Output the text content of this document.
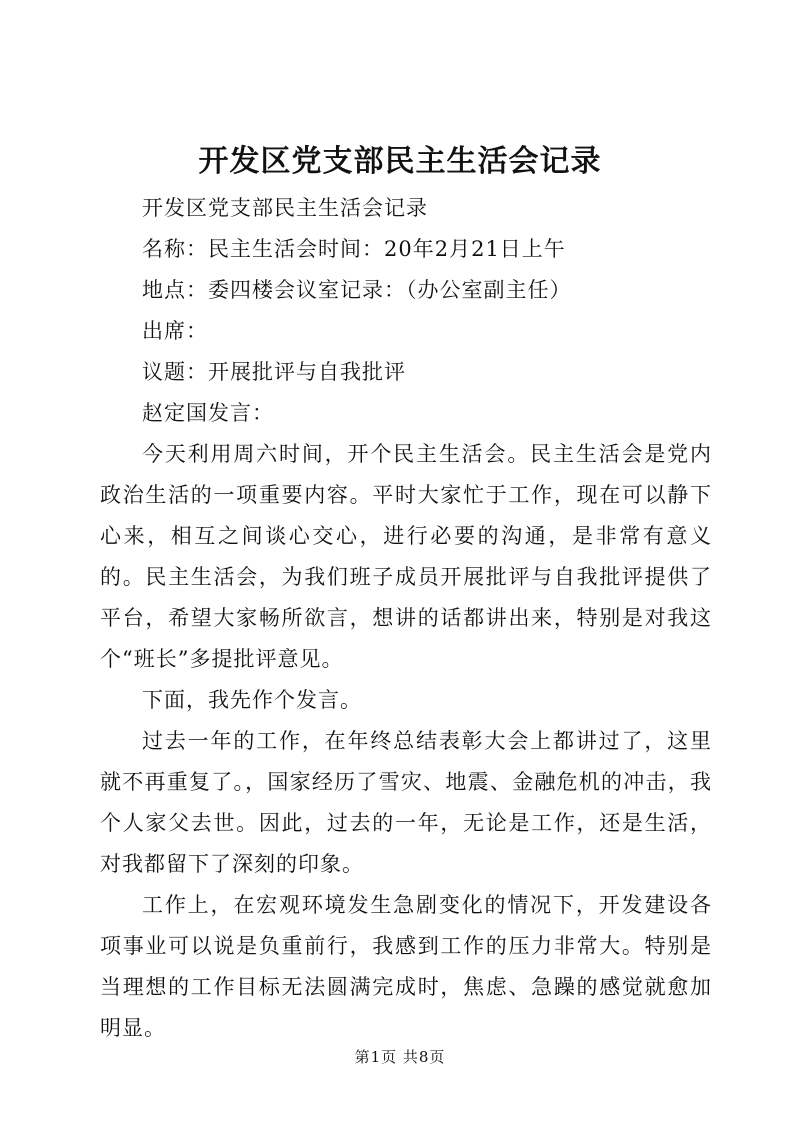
开发区党支部民主生活会记录

开发区党支部民主生活会记录

名称：民主生活会时间：20年2月21日上午

地点：委四楼会议室记录：（办公室副主任）

出席：

议题：开展批评与自我批评

赵定国发言：

今天利用周六时间，开个民主生活会。民主生活会是党内政治生活的一项重要内容。平时大家忙于工作，现在可以静下心来，相互之间谈心交心，进行必要的沟通，是非常有意义的。民主生活会，为我们班子成员开展批评与自我批评提供了平台，希望大家畅所欲言，想讲的话都讲出来，特别是对我这个“班长”多提批评意见。

下面，我先作个发言。

过去一年的工作，在年终总结表彰大会上都讲过了，这里就不再重复了。，国家经历了雪灾、地震、金融危机的冲击，我个人家父去世。因此，过去的一年，无论是工作，还是生活，对我都留下了深刻的印象。

工作上，在宏观环境发生急剧变化的情况下，开发建设各项事业可以说是负重前行，我感到工作的压力非常大。特别是当理想的工作目标无法圆满完成时，焦虑、急躁的感觉就愈加明显。

第1页 共8页
